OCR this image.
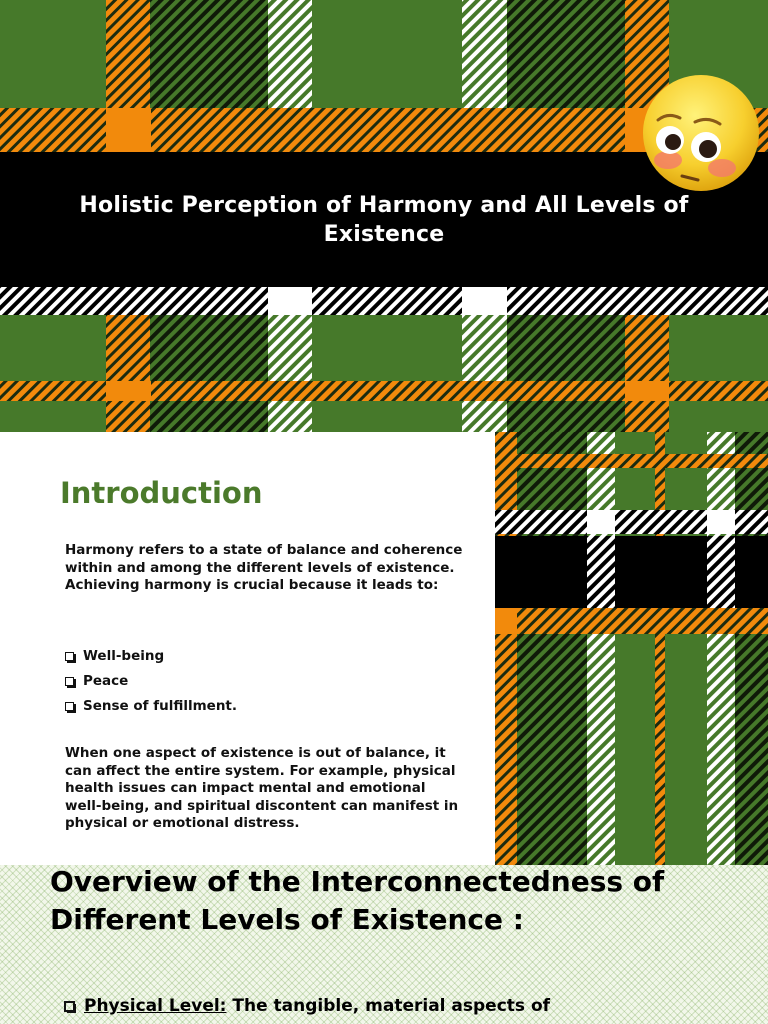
Holistic Perception of Harmony and All Levels of Existence
Introduction

Harmony refers to a state of balance and coherence within and among the different levels of existence. Achieving harmony is crucial because it leads to:

Well-being
Peace
Sense of fulfillment.

When one aspect of existence is out of balance, it can affect the entire system. For example, physical health issues can impact mental and emotional well-being, and spiritual discontent can manifest in physical or emotional distress.

Overview of the Interconnectedness of Different Levels of Existence :
Physical Level: The tangible, material aspects of
